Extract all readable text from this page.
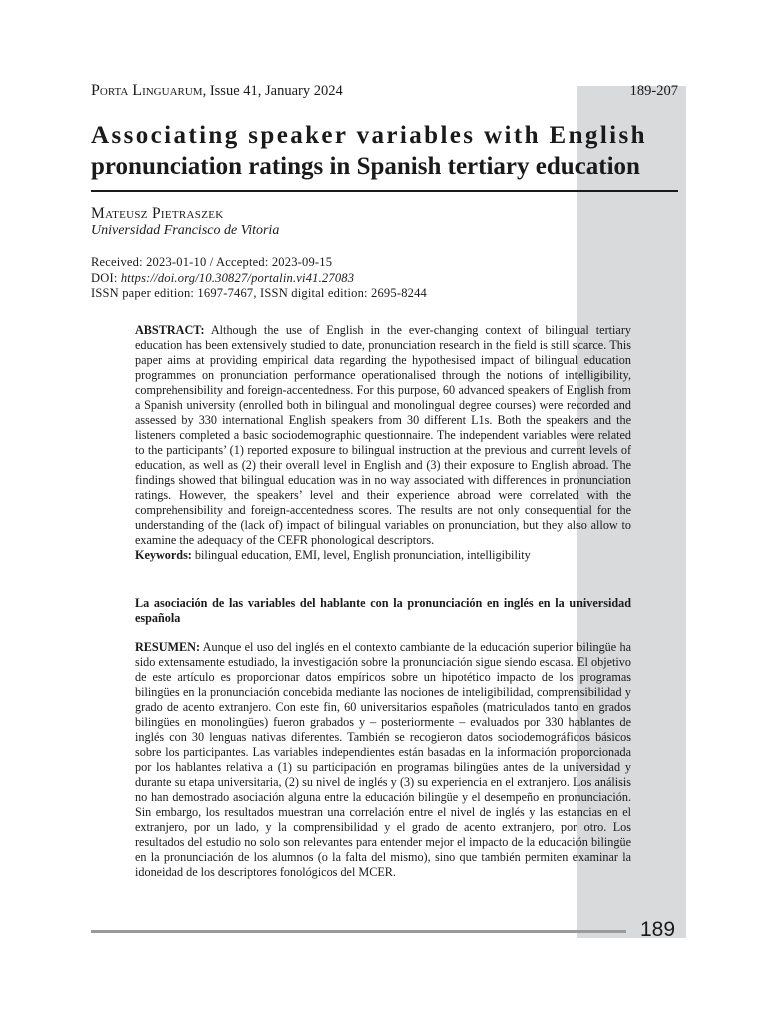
Porta Linguarum, Issue 41, January 2024	189-207
Associating speaker variables with English
pronunciation ratings in Spanish tertiary education
Mateusz Pietraszek
Universidad Francisco de Vitoria
Received: 2023-01-10 / Accepted: 2023-09-15
DOI: https://doi.org/10.30827/portalin.vi41.27083
ISSN paper edition: 1697-7467, ISSN digital edition: 2695-8244

ABSTRACT: Although the use of English in the ever-changing context of bilingual tertiary education has been extensively studied to date, pronunciation research in the field is still scarce. This paper aims at providing empirical data regarding the hypothesised impact of bilingual education programmes on pronunciation performance operationalised through the notions of intelligibility, comprehensibility and foreign-accentedness. For this purpose, 60 advanced speakers of English from a Spanish university (enrolled both in bilingual and monolingual degree courses) were recorded and assessed by 330 international English speakers from 30 different L1s. Both the speakers and the listeners completed a basic sociodemographic questionnaire. The independent variables were related to the participants’ (1) reported exposure to bilingual instruction at the previous and current levels of education, as well as (2) their overall level in English and (3) their exposure to English abroad. The findings showed that bilingual education was in no way associated with differences in pronunciation ratings. However, the speakers’ level and their experience abroad were correlated with the comprehensibility and foreign-accentedness scores. The results are not only consequential for the understanding of the (lack of) impact of bilingual variables on pronunciation, but they also allow to examine the adequacy of the CEFR phonological descriptors.
Keywords: bilingual education, EMI, level, English pronunciation, intelligibility

La asociación de las variables del hablante con la pronunciación en inglés en la universidad española

RESUMEN: Aunque el uso del inglés en el contexto cambiante de la educación superior bilingüe ha sido extensamente estudiado, la investigación sobre la pronunciación sigue siendo escasa. El objetivo de este artículo es proporcionar datos empíricos sobre un hipotético impacto de los programas bilingües en la pronunciación concebida mediante las nociones de inteligibilidad, comprensibilidad y grado de acento extranjero. Con este fin, 60 universitarios españoles (matriculados tanto en grados bilingües en monolingües) fueron grabados y – posteriormente – evaluados por 330 hablantes de inglés con 30 lenguas nativas diferentes. También se recogieron datos sociodemográficos básicos sobre los participantes. Las variables independientes están basadas en la información proporcionada por los hablantes relativa a (1) su participación en programas bilingües antes de la universidad y durante su etapa universitaria, (2) su nivel de inglés y (3) su experiencia en el extranjero. Los análisis no han demostrado asociación alguna entre la educación bilingüe y el desempeño en pronunciación. Sin embargo, los resultados muestran una correlación entre el nivel de inglés y las estancias en el extranjero, por un lado, y la comprensibilidad y el grado de acento extranjero, por otro. Los resultados del estudio no solo son relevantes para entender mejor el impacto de la educación bilingüe en la pronunciación de los alumnos (o la falta del mismo), sino que también permiten examinar la idoneidad de los descriptores fonológicos del MCER.

189
